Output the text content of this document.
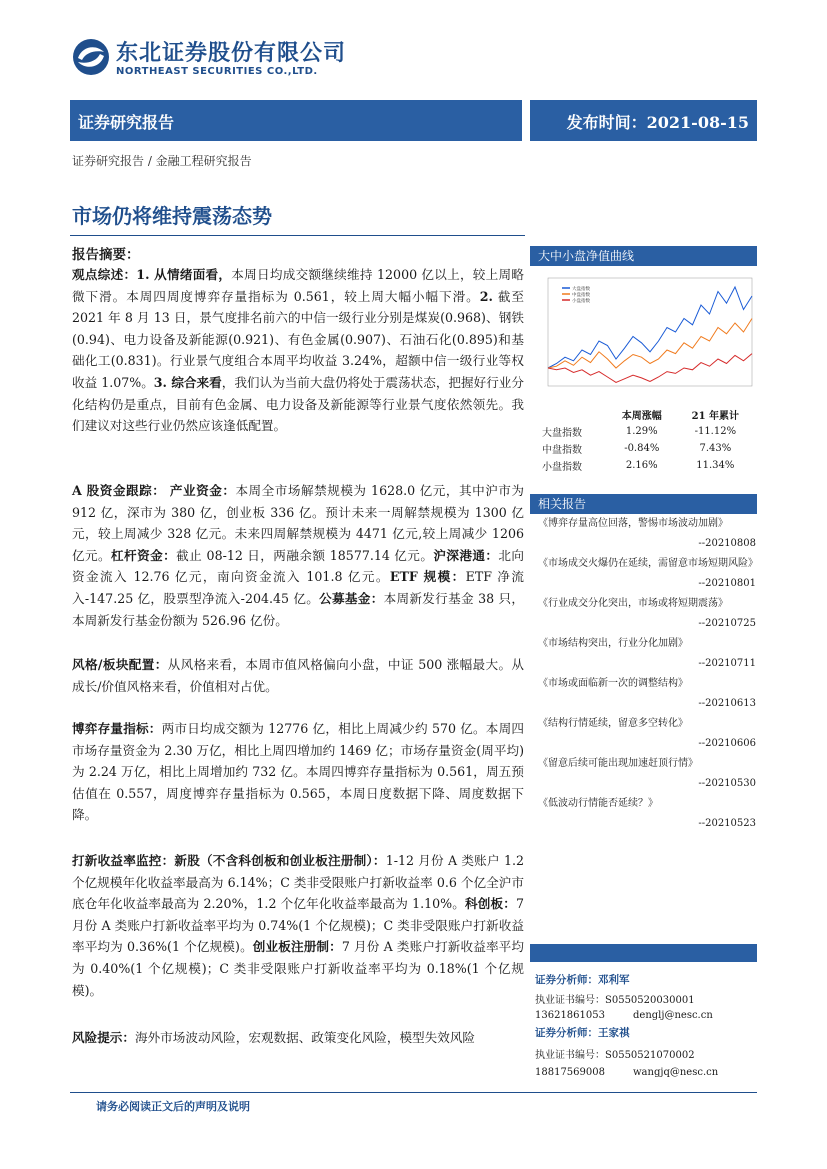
东北证券股份有限公司
NORTHEAST SECURITIES CO.,LTD.
证券研究报告	发布时间：2021-08-15
证券研究报告 / 金融工程研究报告
市场仍将维持震荡态势
报告摘要：
观点综述：1. 从情绪面看，本周日均成交额继续维持 12000 亿以上，较上周略微下滑。本周四周度博弈存量指标为 0.561，较上周大幅小幅下滑。2. 截至 2021 年 8 月 13 日，景气度排名前六的中信一级行业分别是煤炭(0.968)、钢铁(0.94)、电力设备及新能源(0.921)、有色金属(0.907)、石油石化(0.895)和基础化工(0.831)。行业景气度组合本周平均收益 3.24%，超额中信一级行业等权收益 1.07%。3. 综合来看，我们认为当前大盘仍将处于震荡状态，把握好行业分化结构仍是重点，目前有色金属、电力设备及新能源等行业景气度依然领先。我们建议对这些行业仍然应该逢低配置。
A 股资金跟踪： 产业资金：本周全市场解禁规模为 1628.0 亿元，其中沪市为 912 亿，深市为 380 亿，创业板 336 亿。预计未来一周解禁规模为 1300 亿元，较上周减少 328 亿元。未来四周解禁规模为 4471 亿元,较上周减少 1206 亿元。杠杆资金：截止 08-12 日，两融余额 18577.14 亿元。沪深港通：北向资金流入 12.76 亿元，南向资金流入 101.8 亿元。ETF 规模：ETF 净流入-147.25 亿，股票型净流入-204.45 亿。公募基金：本周新发行基金 38 只，本周新发行基金份额为 526.96 亿份。
风格/板块配置：从风格来看，本周市值风格偏向小盘，中证 500 涨幅最大。从成长/价值风格来看，价值相对占优。
博弈存量指标：两市日均成交额为 12776 亿，相比上周减少约 570 亿。本周四市场存量资金为 2.30 万亿，相比上周四增加约 1469 亿；市场存量资金(周平均)为 2.24 万亿，相比上周增加约 732 亿。本周四博弈存量指标为 0.561，周五预估值在 0.557，周度博弈存量指标为 0.565，本周日度数据下降、周度数据下降。
打新收益率监控：新股（不含科创板和创业板注册制）：1-12 月份 A 类账户 1.2 个亿规模年化收益率最高为 6.14%；C 类非受限账户打新收益率 0.6 个亿全沪市底仓年化收益率最高为 2.20%，1.2 个亿年化收益率最高为 1.10%。科创板：7 月份 A 类账户打新收益率平均为 0.74%(1 个亿规模)；C 类非受限账户打新收益率平均为 0.36%(1 个亿规模)。创业板注册制：7 月份 A 类账户打新收益率平均为 0.40%(1 个亿规模)；C 类非受限账户打新收益率平均为 0.18%(1 个亿规模)。
风险提示：海外市场波动风险，宏观数据、政策变化风险，模型失效风险
大中小盘净值曲线
大盘指数
中盘指数
小盘指数
	本周涨幅	21 年累计
大盘指数	1.29%	-11.12%
中盘指数	-0.84%	7.43%
小盘指数	2.16%	11.34%
相关报告
《博弈存量高位回落，警惕市场波动加剧》
--20210808
《市场成交火爆仍在延续，需留意市场短期风险》
--20210801
《行业成交分化突出，市场或将短期震荡》
--20210725
《市场结构突出，行业分化加剧》
--20210711
《市场或面临新一次的调整结构》
--20210613
《结构行情延续，留意多空转化》
--20210606
《留意后续可能出现加速赶顶行情》
--20210530
《低波动行情能否延续？》
--20210523
证券分析师：邓利军
执业证书编号：S0550520030001
13621861053	denglj@nesc.cn
证券分析师：王家祺
执业证书编号：S0550521070002
18817569008	wangjq@nesc.cn
请务必阅读正文后的声明及说明
